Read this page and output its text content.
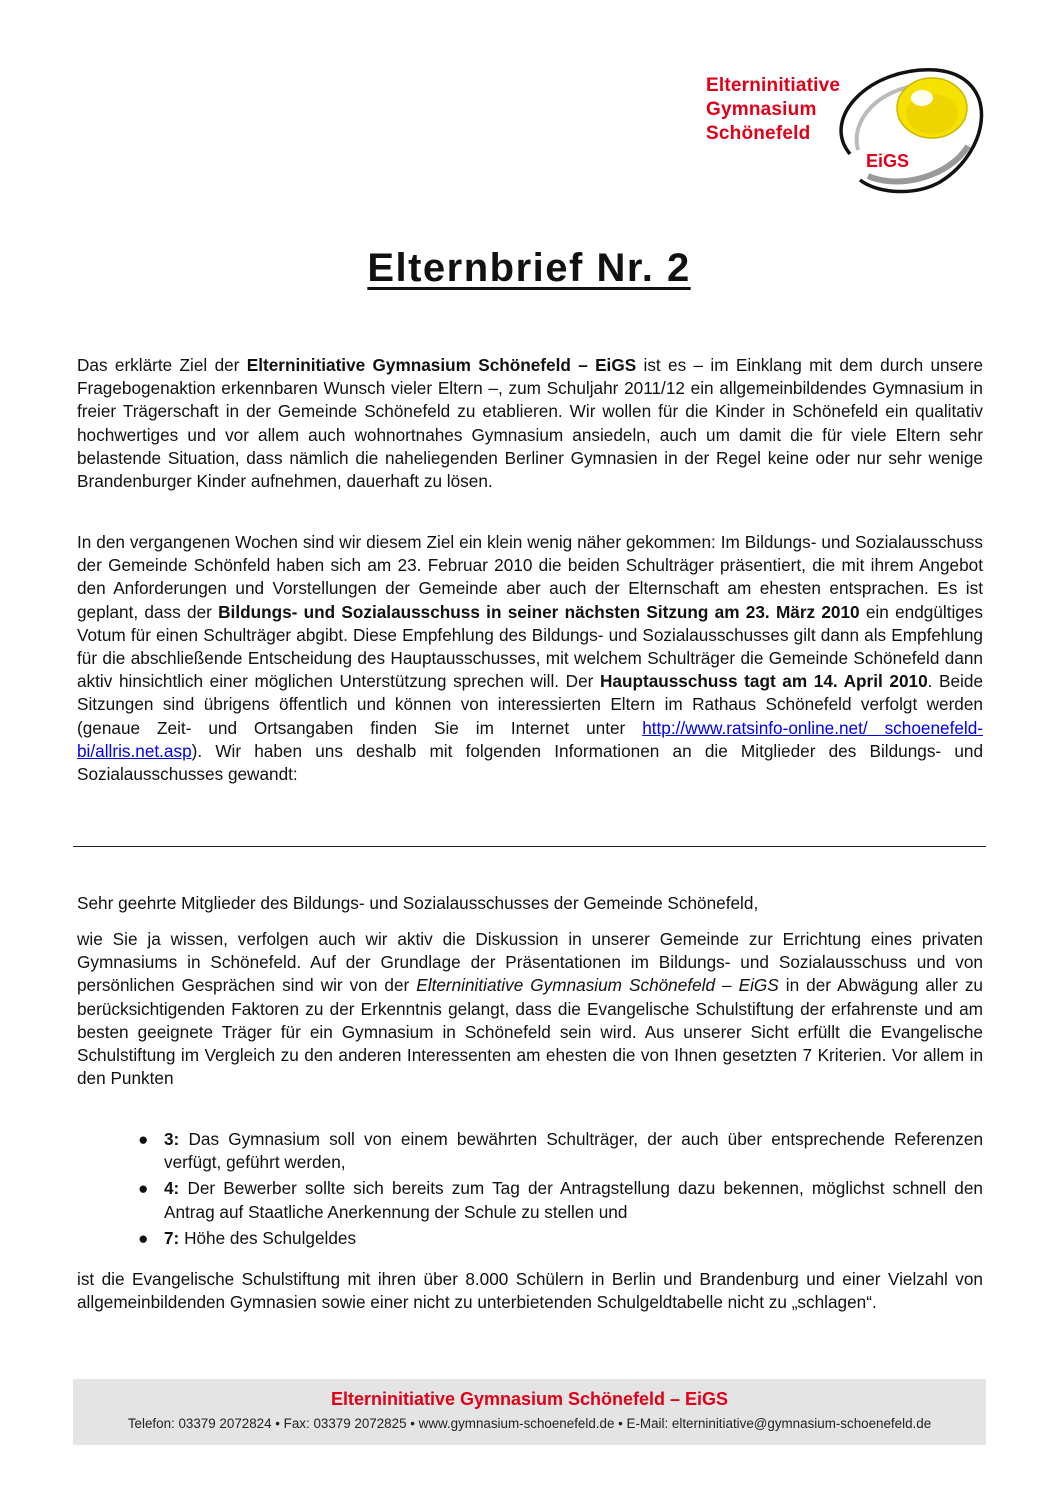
Elterninitiative
Gymnasium
Schönefeld
EiGS
Elternbrief Nr. 2

Das erklärte Ziel der Elterninitiative Gymnasium Schönefeld – EiGS ist es – im Einklang mit dem durch unsere Fragebogenaktion erkennbaren Wunsch vieler Eltern –, zum Schuljahr 2011/12 ein allgemeinbildendes Gymnasium in freier Trägerschaft in der Gemeinde Schönefeld zu etablieren. Wir wollen für die Kinder in Schönefeld ein qualitativ hochwertiges und vor allem auch wohnortnahes Gymnasium ansiedeln, auch um damit die für viele Eltern sehr belastende Situation, dass nämlich die naheliegenden Berliner Gymnasien in der Regel keine oder nur sehr wenige Brandenburger Kinder aufnehmen, dauerhaft zu lösen.

In den vergangenen Wochen sind wir diesem Ziel ein klein wenig näher gekommen: Im Bildungs- und Sozialausschuss der Gemeinde Schönfeld haben sich am 23. Februar 2010 die beiden Schulträger präsentiert, die mit ihrem Angebot den Anforderungen und Vorstellungen der Gemeinde aber auch der Elternschaft am ehesten entsprachen. Es ist geplant, dass der Bildungs- und Sozialausschuss in seiner nächsten Sitzung am 23. März 2010 ein endgültiges Votum für einen Schulträger abgibt. Diese Empfehlung des Bildungs- und Sozialausschusses gilt dann als Empfehlung für die abschließende Entscheidung des Hauptausschusses, mit welchem Schulträger die Gemeinde Schönefeld dann aktiv hinsichtlich einer möglichen Unterstützung sprechen will. Der Hauptausschuss tagt am 14. April 2010. Beide Sitzungen sind übrigens öffentlich und können von interessierten Eltern im Rathaus Schönefeld verfolgt werden (genaue Zeit- und Ortsangaben finden Sie im Internet unter http://www.ratsinfo-online.net/ schoenefeld-bi/allris.net.asp). Wir haben uns deshalb mit folgenden Informationen an die Mitglieder des Bildungs- und Sozialausschusses gewandt:

Sehr geehrte Mitglieder des Bildungs- und Sozialausschusses der Gemeinde Schönefeld,

wie Sie ja wissen, verfolgen auch wir aktiv die Diskussion in unserer Gemeinde zur Errichtung eines privaten Gymnasiums in Schönefeld. Auf der Grundlage der Präsentationen im Bildungs- und Sozialausschuss und von persönlichen Gesprächen sind wir von der Elterninitiative Gymnasium Schönefeld – EiGS in der Abwägung aller zu berücksichtigenden Faktoren zu der Erkenntnis gelangt, dass die Evangelische Schulstiftung der erfahrenste und am besten geeignete Träger für ein Gymnasium in Schönefeld sein wird. Aus unserer Sicht erfüllt die Evangelische Schulstiftung im Vergleich zu den anderen Interessenten am ehesten die von Ihnen gesetzten 7 Kriterien. Vor allem in den Punkten

● 3: Das Gymnasium soll von einem bewährten Schulträger, der auch über entsprechende Referenzen verfügt, geführt werden,
● 4: Der Bewerber sollte sich bereits zum Tag der Antragstellung dazu bekennen, möglichst schnell den Antrag auf Staatliche Anerkennung der Schule zu stellen und
● 7: Höhe des Schulgeldes

ist die Evangelische Schulstiftung mit ihren über 8.000 Schülern in Berlin und Brandenburg und einer Vielzahl von allgemeinbildenden Gymnasien sowie einer nicht zu unterbietenden Schulgeldtabelle nicht zu „schlagen“.

Elterninitiative Gymnasium Schönefeld – EiGS
Telefon: 03379 2072824 • Fax: 03379 2072825 • www.gymnasium-schoenefeld.de • E-Mail: elterninitiative@gymnasium-schoenefeld.de
